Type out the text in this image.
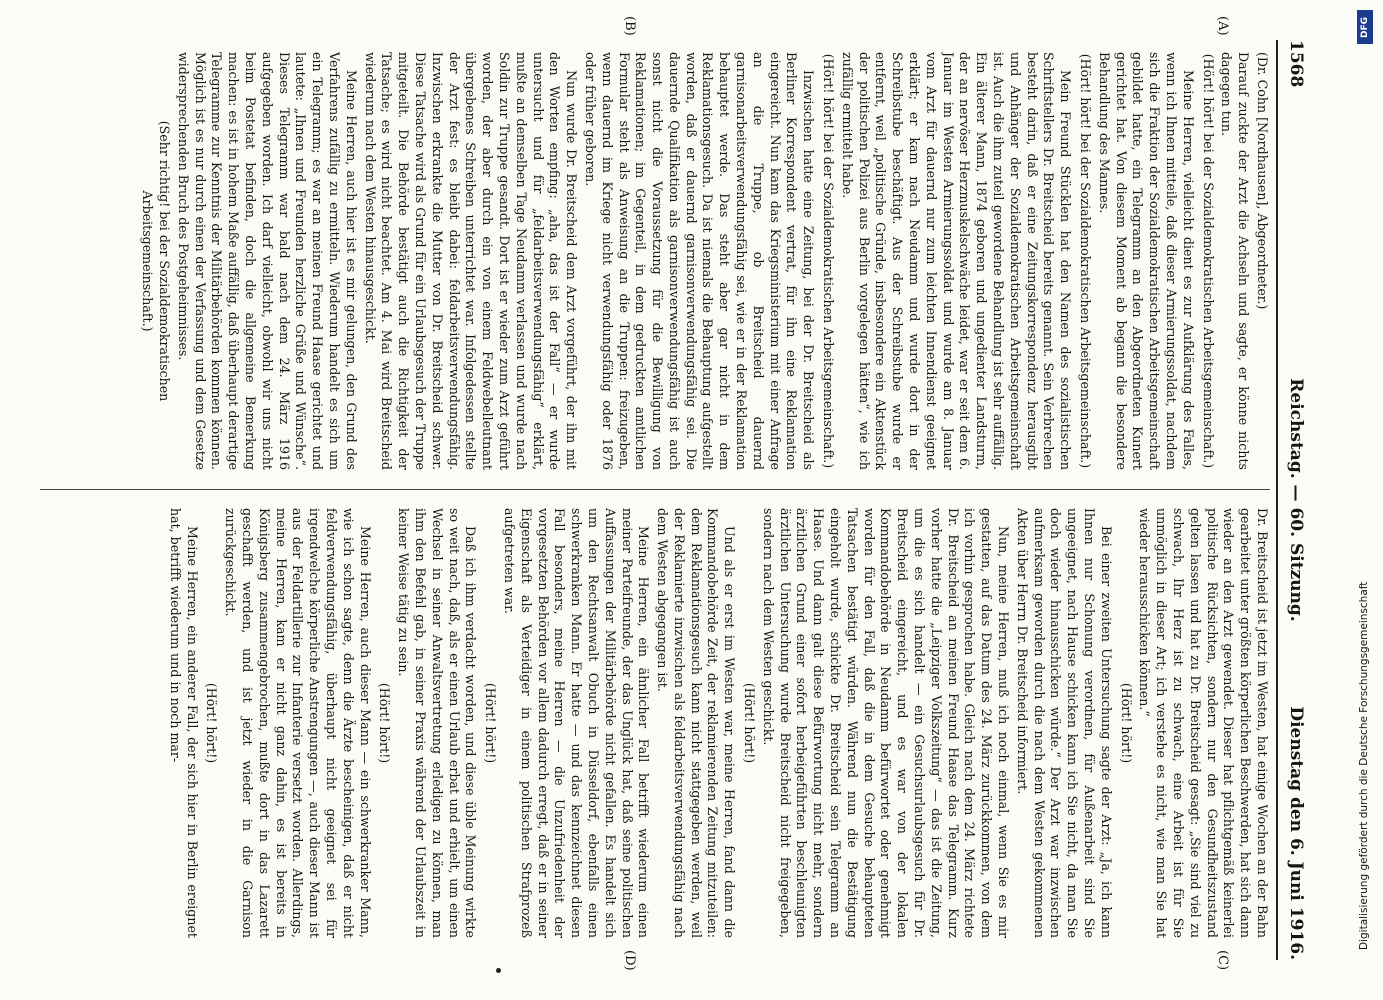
1568
Reichstag. — 60. Sitzung.
Dienstag den 6. Juni 1916.
(A)
(B)
(C)
(D)

(Dr. Cohn [Nordhausen], Abgeordneter.)

Darauf zuckte der Arzt die Achseln und sagte, er könne nichts dagegen tun.

(Hört! hört! bei der Sozialdemokratischen Arbeitsgemeinschaft.)

Meine Herren, vielleicht dient es zur Aufklärung des Falles, wenn ich Ihnen mitteile, daß dieser Armierungssoldat, nachdem sich die Fraktion der Sozialdemokratischen Arbeitsgemeinschaft gebildet hatte, ein Telegramm an den Abgeordneten Kunert gerichtet hat. Von diesem Moment ab begann die besondere Behandlung des Mannes.

(Hört! hört! bei der Sozialdemokratischen Arbeitsgemeinschaft.)

Mein Freund Stücklen hat den Namen des sozialistischen Schriftstellers Dr. Breitscheid bereits genannt. Sein Verbrechen besteht darin, daß er eine Zeitungskorrespondenz herausgibt und Anhänger der Sozialdemokratischen Arbeitsgemeinschaft ist. Auch die ihm zuteil gewordene Behandlung ist sehr auffällig. Ein älterer Mann, 1874 geboren und ungedienter Landsturm, der an nervöser Herzmuskelschwäche leidet, war er seit dem 6. Januar im Westen Armierungssoldat und wurde am 8. Januar vom Arzt für dauernd nur zum leichten Innendienst geeignet erklärt; er kam nach Neudamm und wurde dort in der Schreibstube beschäftigt. Aus der Schreibstube wurde er entfernt, weil „politische Gründe, insbesondere ein Aktenstück der politischen Polizei aus Berlin vorgelegen hätten“, wie ich zufällig ermittelt habe.

(Hört! hört! bei der Sozialdemokratischen Arbeitsgemeinschaft.)

Inzwischen hatte eine Zeitung, bei der Dr. Breitscheid als Berliner Korrespondent vertrat, für ihn eine Reklamation eingereicht. Nun kam das Kriegsministerium mit einer Anfrage an die Truppe, ob Breitscheid dauernd garnisonarbeitsverwendungsfähig sei, wie er in der Reklamation behauptet werde. Das steht aber gar nicht in dem Reklamationsgesuch. Da ist niemals die Behauptung aufgestellt worden, daß er dauernd garnisonverwendungsfähig sei. Die dauernde Qualifikation als garnisonverwendungsfähig ist auch sonst nicht die Voraussetzung für die Bewilligung von Reklamationen; im Gegenteil, in dem gedruckten amtlichen Formular steht als Anweisung an die Truppen: freizugeben, wenn dauernd im Kriege nicht verwendungsfähig oder 1876 oder früher geboren.

Nun wurde Dr. Breitscheid dem Arzt vorgeführt, der ihn mit den Worten empfing: „aha, das ist der Fall“ — er wurde untersucht und für „feldarbeitsverwendungsfähig“ erklärt, mußte an demselben Tage Neudamm verlassen und wurde nach Soldin zur Truppe gesandt. Dort ist er wieder zum Arzt geführt worden, der aber durch ein von einem Feldwebelleutnant übergebenes Schreiben unterrichtet war. Infolgedessen stellte der Arzt fest: es bleibt dabei: feldarbeitsverwendungsfähig. Inzwischen erkrankte die Mutter von Dr. Breitscheid schwer. Diese Tatsache wird als Grund für ein Urlaubsgesuch der Truppe mitgeteilt. Die Behörde bestätigt auch die Richtigkeit der Tatsache; es wird nicht beachtet. Am 4. Mai wird Breitscheid wiederum nach dem Westen hinausgeschickt.

Meine Herren, auch hier ist es mir gelungen, den Grund des Verfahrens zufällig zu ermitteln. Wiederum handelt es sich um ein Telegramm; es war an meinen Freund Haase gerichtet und lautete: „Ihnen und Freunden herzliche Grüße und Wünsche“. Dieses Telegramm war bald nach dem 24. März 1916 aufgegeben worden. Ich darf vielleicht, obwohl wir uns nicht beim Postetat befinden, doch die allgemeine Bemerkung machen: es ist in hohem Maße auffällig, daß überhaupt derartige Telegramme zur Kenntnis der Militärbehörden kommen können. Möglich ist es nur durch einen der Verfassung und dem Gesetze widersprechenden Bruch des Postgeheimnisses.

(Sehr richtig! bei der Sozialdemokratischen Arbeitsgemeinschaft.)

Dr. Breitscheid ist jetzt im Westen, hat einige Wochen an der Bahn gearbeitet unter größten körperlichen Beschwerden, hat sich dann wieder an den Arzt gewendet. Dieser hat pflichtgemäß keinerlei politische Rücksichten, sondern nur den Gesundheitszustand gelten lassen und hat zu Dr. Breitscheid gesagt: „Sie sind viel zu schwach, Ihr Herz ist zu schwach, eine Arbeit ist für Sie unmöglich in dieser Art; ich verstehe es nicht, wie man Sie hat wieder herausschicken können.“

(Hört! hört!)

Bei einer zweiten Untersuchung sagte der Arzt: „Ja, ich kann Ihnen nur Schonung verordnen, für Außenarbeit sind Sie ungeeignet, nach Hause schicken kann ich Sie nicht, da man Sie doch wieder hinausschicken würde.“ Der Arzt war inzwischen aufmerksam geworden durch die nach dem Westen gekommenen Akten über Herrn Dr. Breitscheid informiert.

Nun, meine Herren, muß ich noch einmal, wenn Sie es mir gestatten, auf das Datum des 24. März zurückkommen, von dem ich vorhin gesprochen habe. Gleich nach dem 24. März richtete Dr. Breitscheid an meinen Freund Haase das Telegramm. Kurz vorher hatte die „Leipziger Volkszeitung“ — das ist die Zeitung, um die es sich handelt — ein Gesuchsurlaubsgesuch für Dr. Breitscheid eingereicht, und es war von der lokalen Kommandobehörde in Neudamm befürwortet oder genehmigt worden für den Fall, daß die in dem Gesuche behaupteten Tatsachen bestätigt würden. Während nun die Bestätigung eingeholt wurde, schickte Dr. Breitscheid sein Telegramm an Haase. Und dann galt diese Befürwortung nicht mehr, sondern ärztlichen Grund einer sofort herbeigeführten beschleunigten ärztlichen Untersuchung wurde Breitscheid nicht freigegeben, sondern nach dem Westen geschickt.

(Hört! hört!)

Und als er erst im Westen war, meine Herren, fand dann die Kommandobehörde Zeit, der reklamierenden Zeitung mitzuteilen: dem Reklamationsgesuch kann nicht stattgegeben werden, weil der Reklamierte inzwischen als feldarbeitsverwendungsfähig nach dem Westen abgegangen ist.

Meine Herren, ein ähnlicher Fall betrifft wiederum einen meiner Parteifreunde, der das Unglück hat, daß seine politischen Auffassungen der Militärbehörde nicht gefallen. Es handelt sich um den Rechtsanwalt Obuch in Düsseldorf, ebenfalls einen schwerkranken Mann. Er hatte — und das kennzeichnet diesen Fall besonders, meine Herren — die Unzufriedenheit der vorgesetzten Behörden vor allem dadurch erregt, daß er in seiner Eigenschaft als Verteidiger in einem politischen Strafprozeß aufgetreten war.

(Hört! hört!)

Daß ich ihm verdacht worden, und diese üble Meinung wirkte so weit nach, daß, als er einen Urlaub erbat und erhielt, um einen Wechsel in seiner Anwaltsvertretung erledigen zu können, man ihm den Befehl gab, in seiner Praxis während der Urlaubszeit in keiner Weise tätig zu sein.

(Hört! hört!)

Meine Herren, auch dieser Mann — ein schwerkranker Mann, wie ich schon sagte, denn die Ärzte bescheinigen, daß er nicht feldverwendungsfähig, überhaupt nicht geeignet sei für irgendwelche körperliche Anstrengungen —, auch dieser Mann ist aus der Feldartillerie zur Infanterie versetzt worden. Allerdings, meine Herren, kam er nicht ganz dahin, es ist bereits in Königsberg zusammengebrochen, mußte dort in das Lazarett geschafft werden, und ist jetzt wieder in die Garnison zurückgeschickt.

(Hört! hört!)

Meine Herren, ein anderer Fall, der sich hier in Berlin ereignet hat, betrifft wiederum und in noch mar-

DFG
Digitalisierung gefördert durch die Deutsche Forschungsgemeinschaft
